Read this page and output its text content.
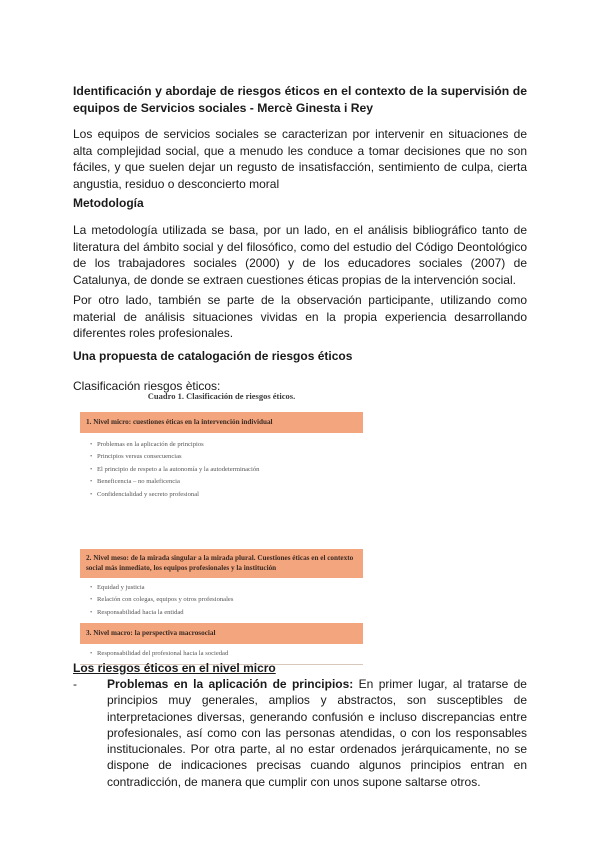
Identificación y abordaje de riesgos éticos en el contexto de la supervisión de equipos de Servicios sociales - Mercè Ginesta i Rey
Los equipos de servicios sociales se caracterizan por intervenir en situaciones de alta complejidad social, que a menudo les conduce a tomar decisiones que no son fáciles, y que suelen dejar un regusto de insatisfacción, sentimiento de culpa, cierta angustia, residuo o desconcierto moral
Metodología
La metodología utilizada se basa, por un lado, en el análisis bibliográfico tanto de literatura del ámbito social y del filosófico, como del estudio del Código Deontológico de los trabajadores sociales (2000) y de los educadores sociales (2007) de Catalunya, de donde se extraen cuestiones éticas propias de la intervención social.
Por otro lado, también se parte de la observación participante, utilizando como material de análisis situaciones vividas en la propia experiencia desarrollando diferentes roles profesionales.
Una propuesta de catalogación de riesgos éticos
Clasificación riesgos èticos:
Cuadro 1. Clasificación de riesgos éticos.
1. Nivel micro: cuestiones éticas en la intervención individual
• Problemas en la aplicación de principios
• Principios versus consecuencias
• El principio de respeto a la autonomía y la autodeterminación
• Beneficencia – no maleficencia
• Confidencialidad y secreto profesional
2. Nivel meso: de la mirada singular a la mirada plural. Cuestiones éticas en el contexto social más inmediato, los equipos profesionales y la institución
• Equidad y justicia
• Relación con colegas, equipos y otros profesionales
• Responsabilidad hacia la entidad
3. Nivel macro: la perspectiva macrosocial
• Responsabilidad del profesional hacia la sociedad
Los riesgos éticos en el nivel micro
-	Problemas en la aplicación de principios: En primer lugar, al tratarse de principios muy generales, amplios y abstractos, son susceptibles de interpretaciones diversas, generando confusión e incluso discrepancias entre profesionales, así como con las personas atendidas, o con los responsables institucionales. Por otra parte, al no estar ordenados jerárquicamente, no se dispone de indicaciones precisas cuando algunos principios entran en contradicción, de manera que cumplir con unos supone saltarse otros.
